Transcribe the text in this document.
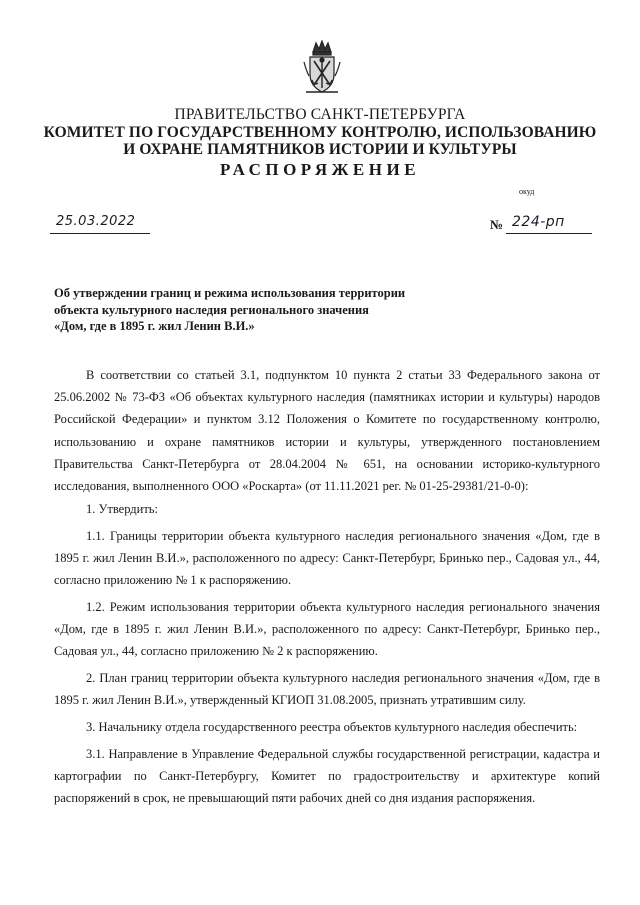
ПРАВИТЕЛЬСТВО САНКТ-ПЕТЕРБУРГА
КОМИТЕТ ПО ГОСУДАРСТВЕННОМУ КОНТРОЛЮ, ИСПОЛЬЗОВАНИЮ
И ОХРАНЕ ПАМЯТНИКОВ ИСТОРИИ И КУЛЬТУРЫ
РАСПОРЯЖЕНИЕ
окуд
25.03.2022	№ 224-рп
Об утверждении границ и режима использования территории
объекта культурного наследия регионального значения
«Дом, где в 1895 г. жил Ленин В.И.»
В соответствии со статьей 3.1, подпунктом 10 пункта 2 статьи 33 Федерального закона от 25.06.2002 № 73-ФЗ «Об объектах культурного наследия (памятниках истории и культуры) народов Российской Федерации» и пунктом 3.12 Положения о Комитете по государственному контролю, использованию и охране памятников истории и культуры, утвержденного постановлением Правительства Санкт-Петербурга от 28.04.2004 № 651, на основании историко-культурного исследования, выполненного ООО «Роскарта» (от 11.11.2021 рег. № 01-25-29381/21-0-0):

1. Утвердить:

1.1. Границы территории объекта культурного наследия регионального значения «Дом, где в 1895 г. жил Ленин В.И.», расположенного по адресу: Санкт-Петербург, Бринько пер., Садовая ул., 44, согласно приложению № 1 к распоряжению.

1.2. Режим использования территории объекта культурного наследия регионального значения «Дом, где в 1895 г. жил Ленин В.И.», расположенного по адресу: Санкт-Петербург, Бринько пер., Садовая ул., 44, согласно приложению № 2 к распоряжению.

2. План границ территории объекта культурного наследия регионального значения «Дом, где в 1895 г. жил Ленин В.И.», утвержденный КГИОП 31.08.2005, признать утратившим силу.

3. Начальнику отдела государственного реестра объектов культурного наследия обеспечить:

3.1. Направление в Управление Федеральной службы государственной регистрации, кадастра и картографии по Санкт-Петербургу, Комитет по градостроительству и архитектуре копий распоряжений в срок, не превышающий пяти рабочих дней со дня издания распоряжения.
